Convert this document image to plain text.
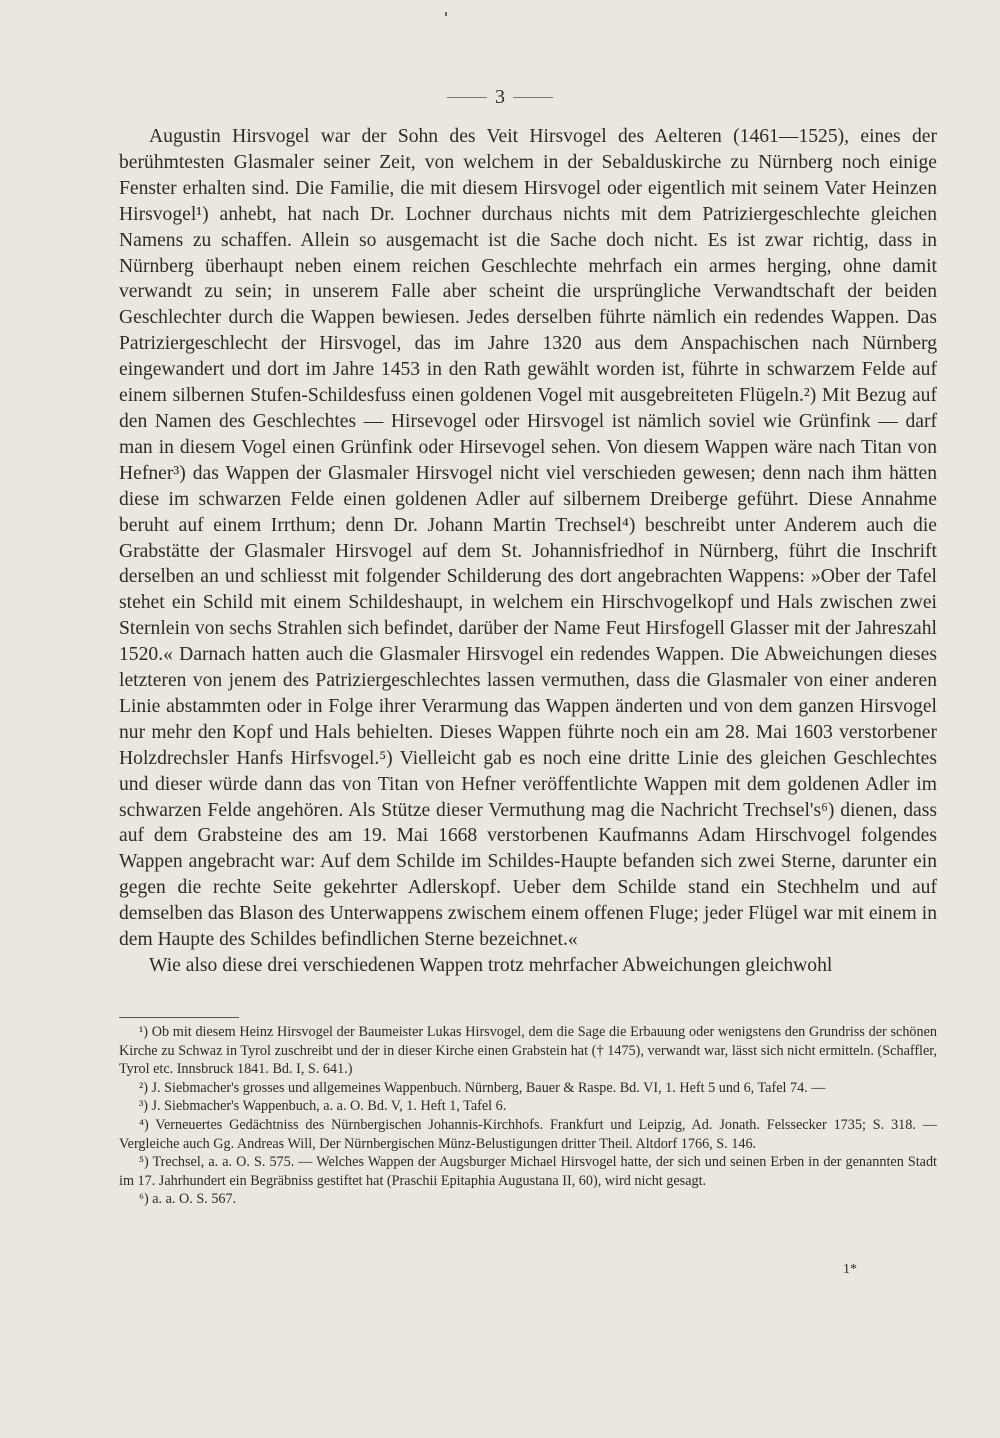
3

Augustin Hirsvogel war der Sohn des Veit Hirsvogel des Aelteren (1461—1525), eines der berühmtesten Glasmaler seiner Zeit, von welchem in der Sebalduskirche zu Nürnberg noch einige Fenster erhalten sind. Die Familie, die mit diesem Hirsvogel oder eigentlich mit seinem Vater Heinzen Hirsvogel¹) anhebt, hat nach Dr. Lochner durchaus nichts mit dem Patriziergeschlechte gleichen Namens zu schaffen. Allein so ausgemacht ist die Sache doch nicht. Es ist zwar richtig, dass in Nürnberg überhaupt neben einem reichen Geschlechte mehrfach ein armes herging, ohne damit verwandt zu sein; in unserem Falle aber scheint die ursprüngliche Verwandtschaft der beiden Geschlechter durch die Wappen bewiesen. Jedes derselben führte nämlich ein redendes Wappen. Das Patriziergeschlecht der Hirsvogel, das im Jahre 1320 aus dem Anspachischen nach Nürnberg eingewandert und dort im Jahre 1453 in den Rath gewählt worden ist, führte in schwarzem Felde auf einem silbernen Stufen-Schildesfuss einen goldenen Vogel mit ausgebreiteten Flügeln.²) Mit Bezug auf den Namen des Geschlechtes — Hirsevogel oder Hirsvogel ist nämlich soviel wie Grünfink — darf man in diesem Vogel einen Grünfink oder Hirsevogel sehen. Von diesem Wappen wäre nach Titan von Hefner³) das Wappen der Glasmaler Hirsvogel nicht viel verschieden gewesen; denn nach ihm hätten diese im schwarzen Felde einen goldenen Adler auf silbernem Dreiberge geführt. Diese Annahme beruht auf einem Irrthum; denn Dr. Johann Martin Trechsel⁴) beschreibt unter Anderem auch die Grabstätte der Glasmaler Hirsvogel auf dem St. Johannisfriedhof in Nürnberg, führt die Inschrift derselben an und schliesst mit folgender Schilderung des dort angebrachten Wappens: »Ober der Tafel stehet ein Schild mit einem Schildeshaupt, in welchem ein Hirschvogelkopf und Hals zwischen zwei Sternlein von sechs Strahlen sich befindet, darüber der Name Feut Hirsfogell Glasser mit der Jahreszahl 1520.« Darnach hatten auch die Glasmaler Hirsvogel ein redendes Wappen. Die Abweichungen dieses letzteren von jenem des Patriziergeschlechtes lassen vermuthen, dass die Glasmaler von einer anderen Linie abstammten oder in Folge ihrer Verarmung das Wappen änderten und von dem ganzen Hirsvogel nur mehr den Kopf und Hals behielten. Dieses Wappen führte noch ein am 28. Mai 1603 verstorbener Holzdrechsler Hanfs Hirfsvogel.⁵) Vielleicht gab es noch eine dritte Linie des gleichen Geschlechtes und dieser würde dann das von Titan von Hefner veröffentlichte Wappen mit dem goldenen Adler im schwarzen Felde angehören. Als Stütze dieser Vermuthung mag die Nachricht Trechsel's⁶) dienen, dass auf dem Grabsteine des am 19. Mai 1668 verstorbenen Kaufmanns Adam Hirschvogel folgendes Wappen angebracht war: Auf dem Schilde im Schildes-Haupte befanden sich zwei Sterne, darunter ein gegen die rechte Seite gekehrter Adlerskopf. Ueber dem Schilde stand ein Stechhelm und auf demselben das Blason des Unterwappens zwischem einem offenen Fluge; jeder Flügel war mit einem in dem Haupte des Schildes befindlichen Sterne bezeichnet.«

Wie also diese drei verschiedenen Wappen trotz mehrfacher Abweichungen gleichwohl

¹) Ob mit diesem Heinz Hirsvogel der Baumeister Lukas Hirsvogel, dem die Sage die Erbauung oder wenigstens den Grundriss der schönen Kirche zu Schwaz in Tyrol zuschreibt und der in dieser Kirche einen Grabstein hat († 1475), verwandt war, lässt sich nicht ermitteln. (Schaffler, Tyrol etc. Innsbruck 1841. Bd. I, S. 641.)

²) J. Siebmacher's grosses und allgemeines Wappenbuch. Nürnberg, Bauer & Raspe. Bd. VI, 1. Heft 5 und 6, Tafel 74. —

³) J. Siebmacher's Wappenbuch, a. a. O. Bd. V, 1. Heft 1, Tafel 6.

⁴) Verneuertes Gedächtniss des Nürnbergischen Johannis-Kirchhofs. Frankfurt und Leipzig, Ad. Jonath. Felssecker 1735; S. 318. — Vergleiche auch Gg. Andreas Will, Der Nürnbergischen Münz-Belustigungen dritter Theil. Altdorf 1766, S. 146.

⁵) Trechsel, a. a. O. S. 575. — Welches Wappen der Augsburger Michael Hirsvogel hatte, der sich und seinen Erben in der genannten Stadt im 17. Jahrhundert ein Begräbniss gestiftet hat (Praschii Epitaphia Augustana II, 60), wird nicht gesagt.

⁶) a. a. O. S. 567.

1*
